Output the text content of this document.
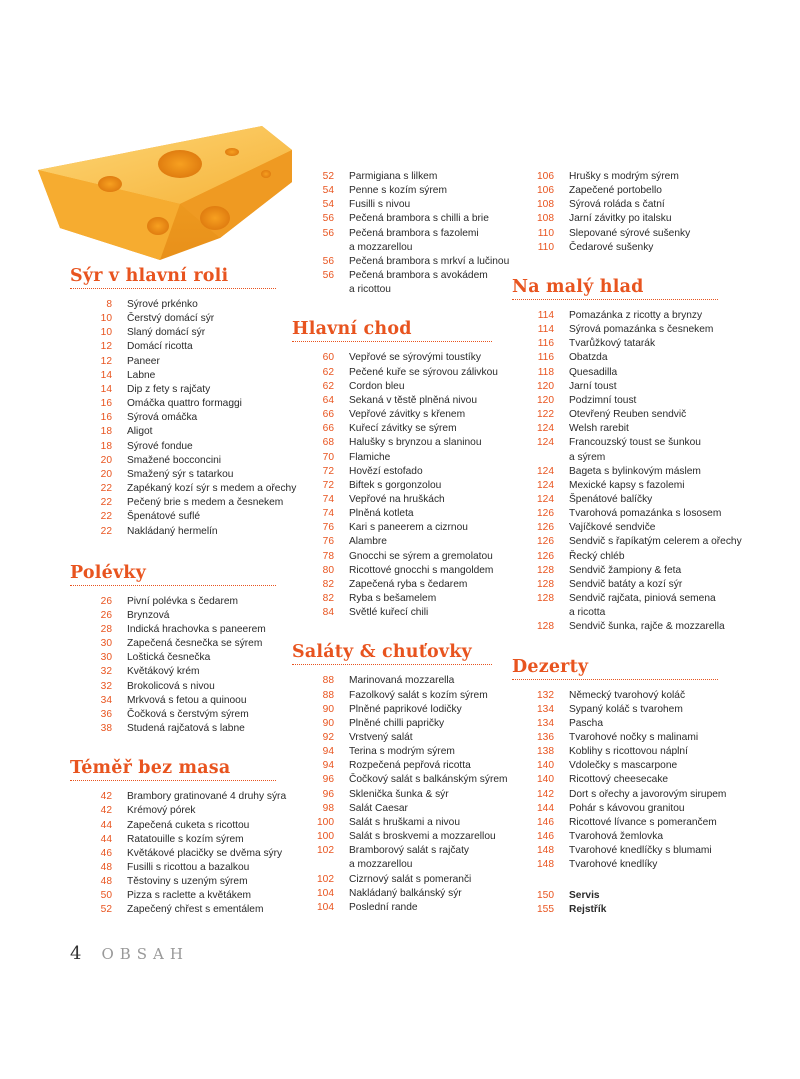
Sýr v hlavní roli
8	Sýrové prkénko
10	Čerstvý domácí sýr
10	Slaný domácí sýr
12	Domácí ricotta
12	Paneer
14	Labne
14	Dip z fety s rajčaty
16	Omáčka quattro formaggi
16	Sýrová omáčka
18	Aligot
18	Sýrové fondue
20	Smažené bocconcini
20	Smažený sýr s tatarkou
22	Zapékaný kozí sýr s medem a ořechy
22	Pečený brie s medem a česnekem
22	Špenátové suflé
22	Nakládaný hermelín
Polévky
26	Pivní polévka s čedarem
26	Brynzová
28	Indická hrachovka s paneerem
30	Zapečená česnečka se sýrem
30	Loštická česnečka
32	Květákový krém
32	Brokolicová s nivou
34	Mrkvová s fetou a quinoou
36	Čočková s čerstvým sýrem
38	Studená rajčatová s labne
Téměř bez masa
42	Brambory gratinované 4 druhy sýra
42	Krémový pórek
44	Zapečená cuketa s ricottou
44	Ratatouille s kozím sýrem
46	Květákové placičky se dvěma sýry
48	Fusilli s ricottou a bazalkou
48	Těstoviny s uzeným sýrem
50	Pizza s raclette a květákem
52	Zapečený chřest s ementálem
52	Parmigiana s lilkem
54	Penne s kozím sýrem
54	Fusilli s nivou
56	Pečená brambora s chilli a brie
56	Pečená brambora s fazolemi
a mozzarellou
56	Pečená brambora s mrkví a lučinou
56	Pečená brambora s avokádem
a ricottou
Hlavní chod
60	Vepřové se sýrovými toustíky
62	Pečené kuře se sýrovou zálivkou
62	Cordon bleu
64	Sekaná v těstě plněná nivou
66	Vepřové závitky s křenem
66	Kuřecí závitky se sýrem
68	Halušky s brynzou a slaninou
70	Flamiche
72	Hovězí estofado
72	Biftek s gorgonzolou
74	Vepřové na hruškách
74	Plněná kotleta
76	Kari s paneerem a cizrnou
76	Alambre
78	Gnocchi se sýrem a gremolatou
80	Ricottové gnocchi s mangoldem
82	Zapečená ryba s čedarem
82	Ryba s bešamelem
84	Světlé kuřecí chili
Saláty & chuťovky
88	Marinovaná mozzarella
88	Fazolkový salát s kozím sýrem
90	Plněné paprikové lodičky
90	Plněné chilli papričky
92	Vrstvený salát
94	Terina s modrým sýrem
94	Rozpečená pepřová ricotta
96	Čočkový salát s balkánským sýrem
96	Sklenička šunka & sýr
98	Salát Caesar
100	Salát s hruškami a nivou
100	Salát s broskvemi a mozzarellou
102	Bramborový salát s rajčaty
a mozzarellou
102	Cizrnový salát s pomeranči
104	Nakládaný balkánský sýr
104	Poslední rande
106	Hrušky s modrým sýrem
106	Zapečené portobello
108	Sýrová roláda s čatní
108	Jarní závitky po italsku
110	Slepované sýrové sušenky
110	Čedarové sušenky
Na malý hlad
114	Pomazánka z ricotty a brynzy
114	Sýrová pomazánka s česnekem
116	Tvarůžkový tatarák
116	Obatzda
118	Quesadilla
120	Jarní toust
120	Podzimní toust
122	Otevřený Reuben sendvič
124	Welsh rarebit
124	Francouzský toust se šunkou
a sýrem
124	Bageta s bylinkovým máslem
124	Mexické kapsy s fazolemi
124	Špenátové balíčky
126	Tvarohová pomazánka s lososem
126	Vajíčkové sendviče
126	Sendvič s řapíkatým celerem a ořechy
126	Řecký chléb
128	Sendvič žampiony & feta
128	Sendvič batáty a kozí sýr
128	Sendvič rajčata, piniová semena
a ricotta
128	Sendvič šunka, rajče & mozzarella
Dezerty
132	Německý tvarohový koláč
134	Sypaný koláč s tvarohem
134	Pascha
136	Tvarohové nočky s malinami
138	Koblihy s ricottovou náplní
140	Vdolečky s mascarpone
140	Ricottový cheesecake
142	Dort s ořechy a javorovým sirupem
144	Pohár s kávovou granitou
146	Ricottové lívance s pomerančem
146	Tvarohová žemlovka
148	Tvarohové knedlíčky s blumami
148	Tvarohové knedlíky
150	Servis
155	Rejstřík
4 OBSAH
